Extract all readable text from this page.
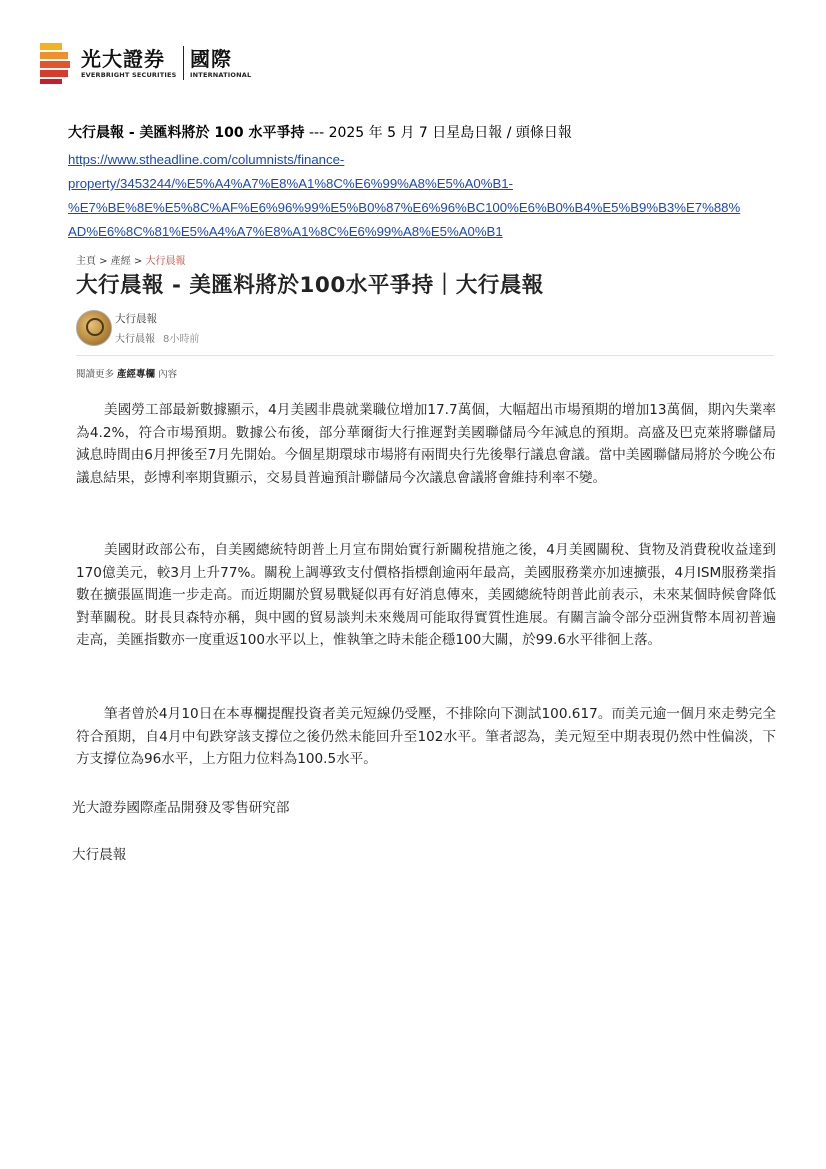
光大證券
EVERBRIGHT SECURITIES
國際
INTERNATIONAL
大行晨報 - 美匯料將於 100 水平爭持 --- 2025 年 5 月 7 日星島日報 / 頭條日報
https://www.stheadline.com/columnists/finance-
property/3453244/%E5%A4%A7%E8%A1%8C%E6%99%A8%E5%A0%B1-
%E7%BE%8E%E5%8C%AF%E6%96%99%E5%B0%87%E6%96%BC100%E6%B0%B4%E5%B9%B3%E7%88%
AD%E6%8C%81%E5%A4%A7%E8%A1%8C%E6%99%A8%E5%A0%B1
主頁 > 產經 > 大行晨報
大行晨報 - 美匯料將於100水平爭持｜大行晨報
大行晨報
大行晨報 8小時前
閱讀更多 產經專欄 內容

美國勞工部最新數據顯示，4月美國非農就業職位增加17.7萬個，大幅超出市場預期的增加13萬個，期內失業率為4.2%，符合市場預期。數據公布後，部分華爾街大行推遲對美國聯儲局今年減息的預期。高盛及巴克萊將聯儲局減息時間由6月押後至7月先開始。今個星期環球市場將有兩間央行先後舉行議息會議。當中美國聯儲局將於今晚公布議息結果，彭博利率期貨顯示，交易員普遍預計聯儲局今次議息會議將會維持利率不變。

美國財政部公布，自美國總統特朗普上月宣布開始實行新關稅措施之後，4月美國關稅、貨物及消費稅收益達到170億美元，較3月上升77%。關稅上調導致支付價格指標創逾兩年最高，美國服務業亦加速擴張，4月ISM服務業指數在擴張區間進一步走高。而近期關於貿易戰疑似再有好消息傳來，美國總統特朗普此前表示，未來某個時候會降低對華關稅。財長貝森特亦稱，與中國的貿易談判未來幾周可能取得實質性進展。有關言論令部分亞洲貨幣本周初普遍走高，美匯指數亦一度重返100水平以上，惟執筆之時未能企穩100大關，於99.6水平徘徊上落。

筆者曾於4月10日在本專欄提醒投資者美元短線仍受壓，不排除向下測試100.617。而美元逾一個月來走勢完全符合預期，自4月中旬跌穿該支撐位之後仍然未能回升至102水平。筆者認為，美元短至中期表現仍然中性偏淡，下方支撐位為96水平，上方阻力位料為100.5水平。

光大證券國際產品開發及零售研究部
大行晨報
